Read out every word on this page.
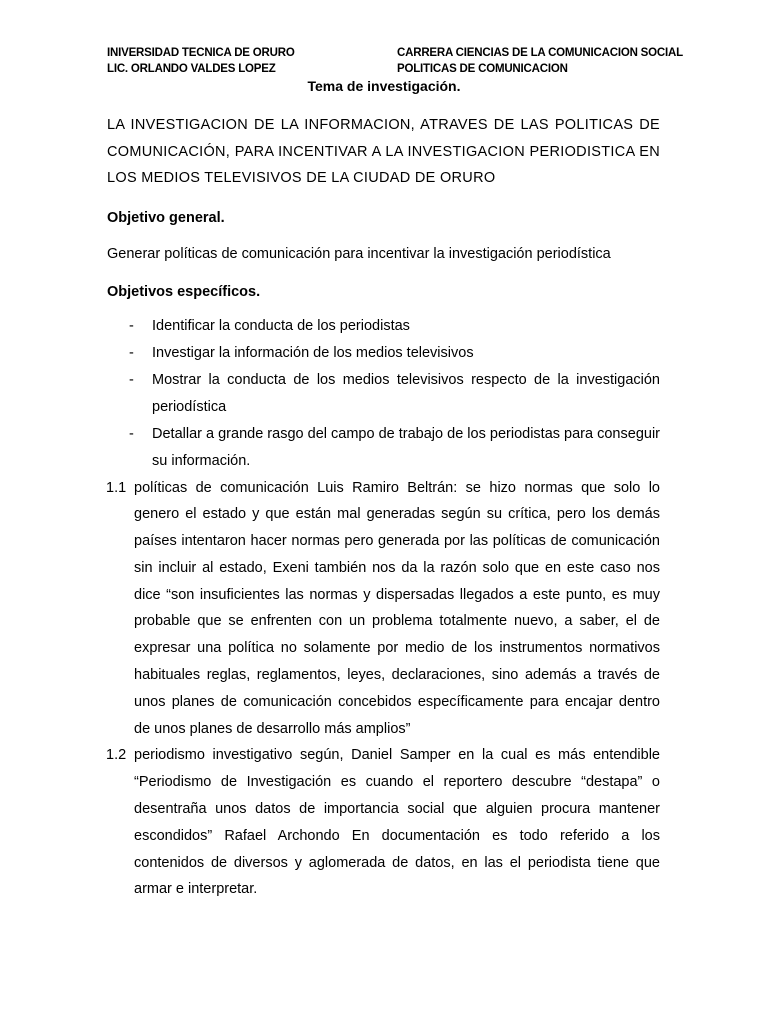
INIVERSIDAD TECNICA DE ORURO
LIC. ORLANDO VALDES LOPEZ
CARRERA CIENCIAS DE LA COMUNICACION SOCIAL
POLITICAS DE COMUNICACION
Tema de investigación.

LA INVESTIGACION DE LA INFORMACION, ATRAVES DE LAS POLITICAS DE COMUNICACIÓN, PARA INCENTIVAR A LA INVESTIGACION PERIODISTICA EN LOS MEDIOS TELEVISIVOS DE LA CIUDAD DE ORURO

Objetivo general.

Generar políticas de comunicación para incentivar la investigación periodística

Objetivos específicos.

- Identificar la conducta de los periodistas
- Investigar la información de los medios televisivos
- Mostrar la conducta de los medios televisivos respecto de la investigación periodística
- Detallar a grande rasgo del campo de trabajo de los periodistas para conseguir su información.
1.1 políticas de comunicación Luis Ramiro Beltrán: se hizo normas que solo lo genero el estado y que están mal generadas según su crítica, pero los demás países intentaron hacer normas pero generada por las políticas de comunicación sin incluir al estado, Exeni también nos da la razón solo que en este caso nos dice “son insuficientes las normas y dispersadas llegados a este punto, es muy probable que se enfrenten con un problema totalmente nuevo, a saber, el de expresar una política no solamente por medio de los instrumentos normativos habituales reglas, reglamentos, leyes, declaraciones, sino además a través de unos planes de comunicación concebidos específicamente para encajar dentro de unos planes de desarrollo más amplios”
1.2 periodismo investigativo según, Daniel Samper en la cual es más entendible “Periodismo de Investigación es cuando el reportero descubre “destapa” o desentraña unos datos de importancia social que alguien procura mantener escondidos” Rafael Archondo En documentación es todo referido a los contenidos de diversos y aglomerada de datos, en las el periodista tiene que armar e interpretar.
